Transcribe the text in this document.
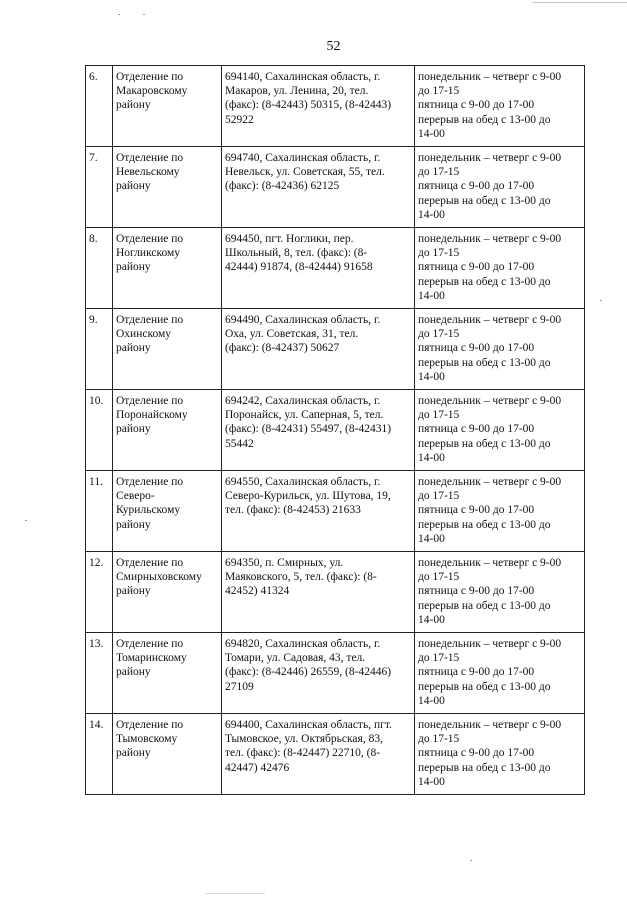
52
6.	Отделение по
Макаровскому
району	694140, Сахалинская область, г.
Макаров, ул. Ленина, 20, тел.
(факс): (8-42443) 50315, (8-42443)
52922	понедельник – четверг с 9-00
до 17-15
пятница с 9-00 до 17-00
перерыв на обед с 13-00 до
14-00

7.	Отделение по
Невельскому
району	694740, Сахалинская область, г.
Невельск, ул. Советская, 55, тел.
(факс): (8-42436) 62125	понедельник – четверг с 9-00
до 17-15
пятница с 9-00 до 17-00
перерыв на обед с 13-00 до
14-00

8.	Отделение по
Ногликскому
району	694450, пгт. Ноглики, пер.
Школьный, 8, тел. (факс): (8-
42444) 91874, (8-42444) 91658	понедельник – четверг с 9-00
до 17-15
пятница с 9-00 до 17-00
перерыв на обед с 13-00 до
14-00

9.	Отделение по
Охинскому
району	694490, Сахалинская область, г.
Оха, ул. Советская, 31, тел.
(факс): (8-42437) 50627	понедельник – четверг с 9-00
до 17-15
пятница с 9-00 до 17-00
перерыв на обед с 13-00 до
14-00

10.	Отделение по
Поронайскому
району	694242, Сахалинская область, г.
Поронайск, ул. Саперная, 5, тел.
(факс): (8-42431) 55497, (8-42431)
55442	понедельник – четверг с 9-00
до 17-15
пятница с 9-00 до 17-00
перерыв на обед с 13-00 до
14-00

11.	Отделение по
Северо-
Курильскому
району	694550, Сахалинская область, г.
Северо-Курильск, ул. Шутова, 19,
тел. (факс): (8-42453) 21633	понедельник – четверг с 9-00
до 17-15
пятница с 9-00 до 17-00
перерыв на обед с 13-00 до
14-00

12.	Отделение по
Смирныховскому
району	694350, п. Смирных, ул.
Маяковского, 5, тел. (факс): (8-
42452) 41324	понедельник – четверг с 9-00
до 17-15
пятница с 9-00 до 17-00
перерыв на обед с 13-00 до
14-00

13.	Отделение по
Томаринскому
району	694820, Сахалинская область, г.
Томари, ул. Садовая, 43, тел.
(факс): (8-42446) 26559, (8-42446)
27109	понедельник – четверг с 9-00
до 17-15
пятница с 9-00 до 17-00
перерыв на обед с 13-00 до
14-00

14.	Отделение по
Тымовскому
району	694400, Сахалинская область, пгт.
Тымовское, ул. Октябрьская, 83,
тел. (факс): (8-42447) 22710, (8-
42447) 42476	понедельник – четверг с 9-00
до 17-15
пятница с 9-00 до 17-00
перерыв на обед с 13-00 до
14-00
